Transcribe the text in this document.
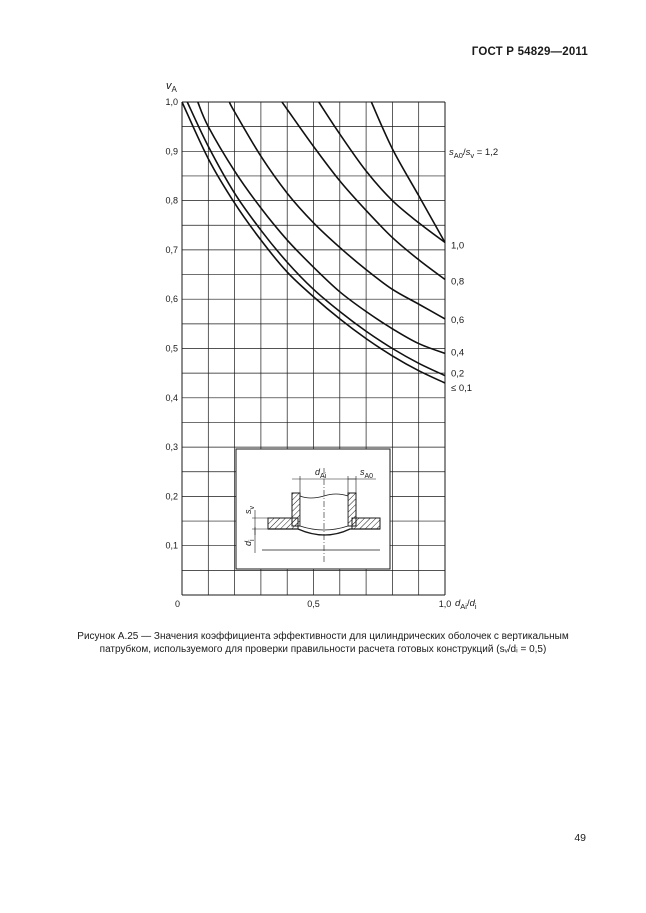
ГОСТ Р 54829—2011
1,0
0,9
0,8
0,7
0,6
0,5
0,4
0,3
0,2
0,1
0	0,5	1,0
≤ 0,1
0,2
0,4
0,6
0,8
1,0
$v_A$
$d_{Ai}/d_i$
$s_{A0}/s_v = 1,2$
$d_{Ai}$	$s_{A0}$
$s_v$
$d_i$
Рисунок А.25 — Значения коэффициента эффективности для цилиндрических оболочек с вертикальным
патрубком, используемого для проверки правильности расчета готовых конструкций (sᵥ/dᵢ = 0,5)
49
